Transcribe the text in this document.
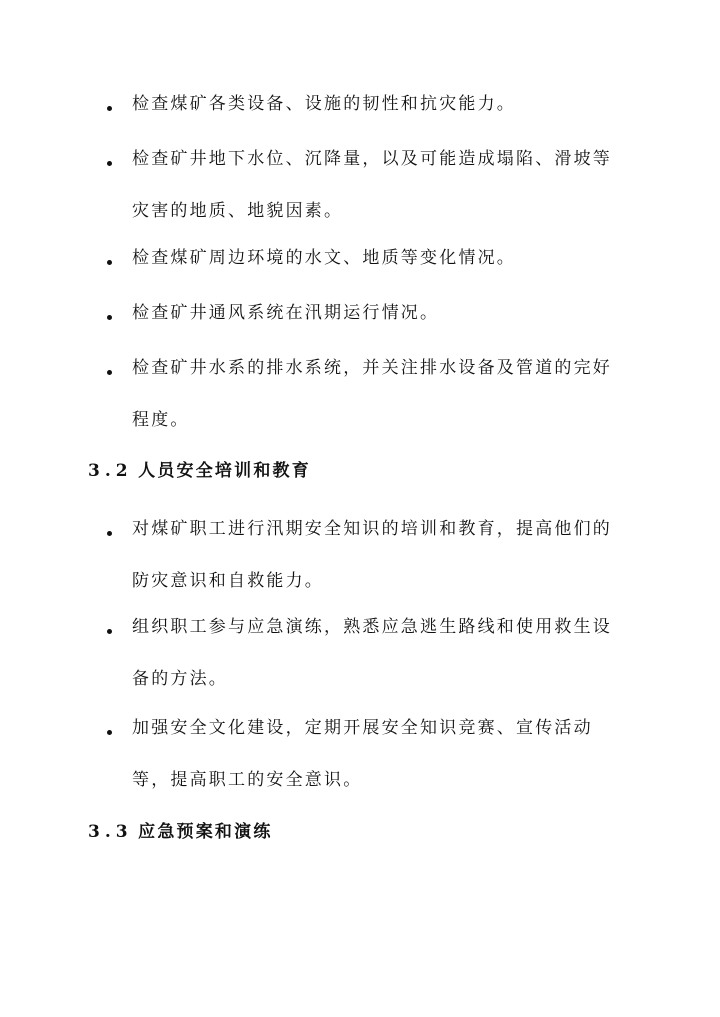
检查煤矿各类设备、设施的韧性和抗灾能力。
检查矿井地下水位、沉降量，以及可能造成塌陷、滑坡等灾害的地质、地貌因素。
检查煤矿周边环境的水文、地质等变化情况。
检查矿井通风系统在汛期运行情况。
检查矿井水系的排水系统，并关注排水设备及管道的完好程度。
3.2 人员安全培训和教育
对煤矿职工进行汛期安全知识的培训和教育，提高他们的防灾意识和自救能力。
组织职工参与应急演练，熟悉应急逃生路线和使用救生设备的方法。
加强安全文化建设，定期开展安全知识竞赛、宣传活动等，提高职工的安全意识。
3.3 应急预案和演练
